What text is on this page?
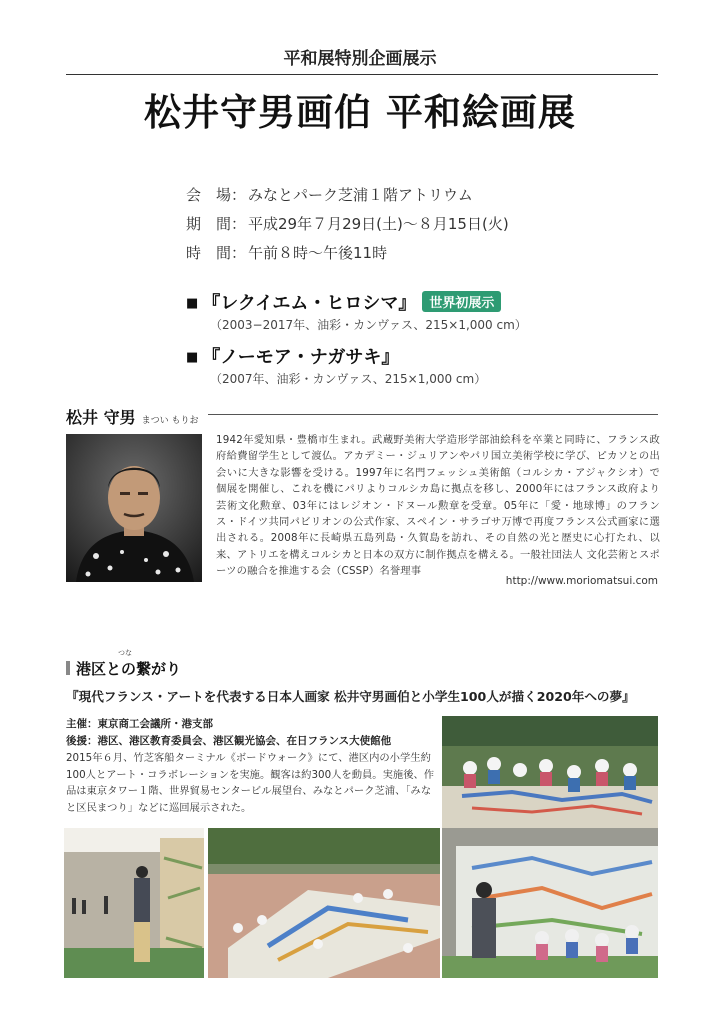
平和展特別企画展示
松井守男画伯 平和絵画展
会　場： みなとパーク芝浦１階アトリウム
期　間： 平成29年７月29日(土)～８月15日(火)
時　間： 午前８時～午後11時
■ 『レクイエム・ヒロシマ』 世界初展示
（2003−2017年、油彩・カンヴァス、215×1,000 cm）
■ 『ノーモア・ナガサキ』
（2007年、油彩・カンヴァス、215×1,000 cm）
松井 守男 まつい もりお
1942年愛知県・豊橋市生まれ。武蔵野美術大学造形学部油絵科を卒業と同時に、フランス政府給費留学生として渡仏。アカデミー・ジュリアンやパリ国立美術学校に学び、ピカソとの出会いに大きな影響を受ける。1997年に名門フェッシュ美術館（コルシカ・アジャクシオ）で個展を開催し、これを機にパリよりコルシカ島に拠点を移し、2000年にはフランス政府より芸術文化勲章、03年にはレジオン・ドヌール勲章を受章。05年に「愛・地球博」のフランス・ドイツ共同パビリオンの公式作家、スペイン・サラゴサ万博で再度フランス公式画家に選出される。2008年に長崎県五島列島・久賀島を訪れ、その自然の光と歴史に心打たれ、以来、アトリエを構えコルシカと日本の双方に制作拠点を構える。一般社団法人 文化芸術とスポーツの融合を推進する会（CSSP）名誉理事
http://www.moriomatsui.com
つな
港区との繋がり
『現代フランス・アートを代表する日本人画家 松井守男画伯と小学生100人が描く2020年への夢』
主催：東京商工会議所・港支部
後援：港区、港区教育委員会、港区観光協会、在日フランス大使館他
2015年６月、竹芝客船ターミナル《ボードウォーク》にて、港区内の小学生約100人とアート・コラボレーションを実施。観客は約300人を動員。実施後、作品は東京タワー１階、世界貿易センタービル展望台、みなとパーク芝浦、「みなと区民まつり」などに巡回展示された。
